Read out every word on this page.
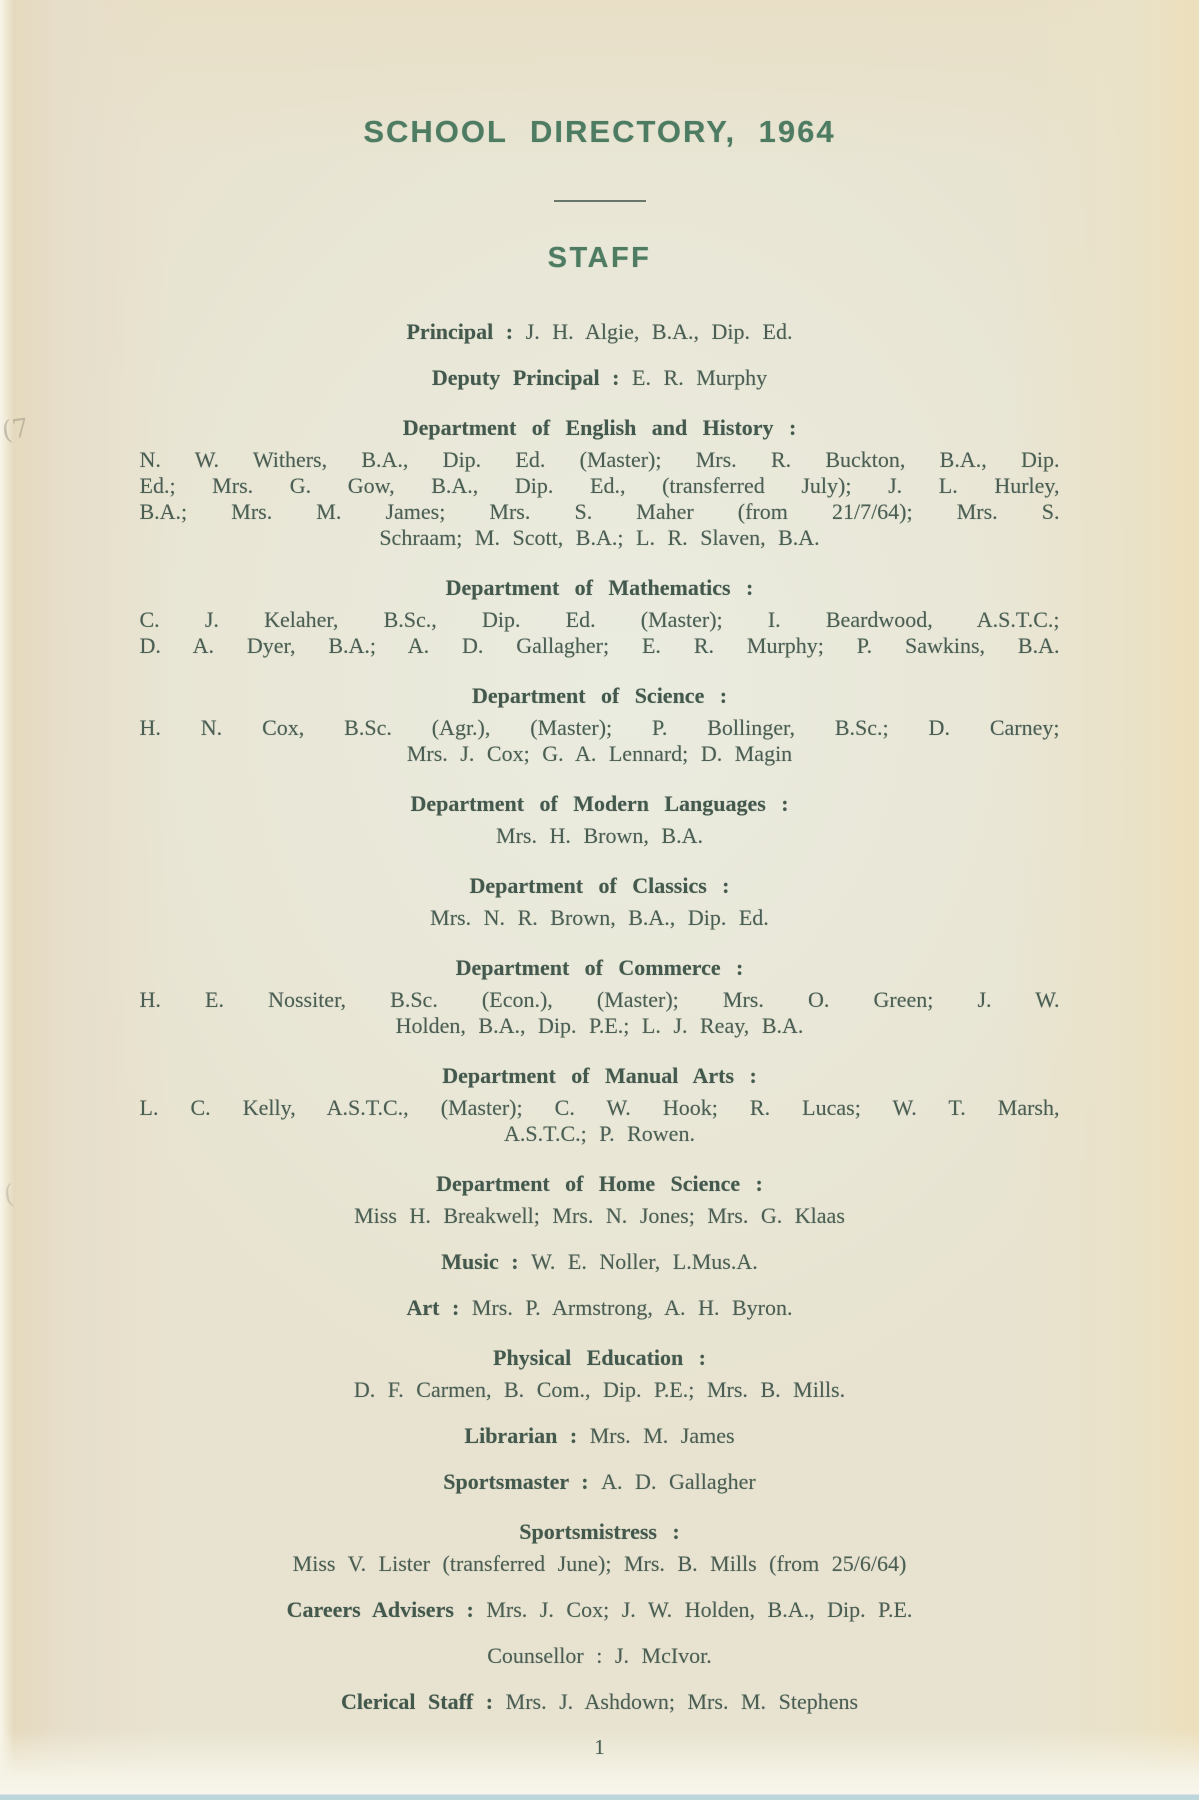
(7
(
SCHOOL DIRECTORY, 1964
STAFF

Principal : J. H. Algie, B.A., Dip. Ed.

Deputy Principal : E. R. Murphy

Department of English and History :
N. W. Withers, B.A., Dip. Ed. (Master); Mrs. R. Buckton, B.A., Dip.
Ed.; Mrs. G. Gow, B.A., Dip. Ed., (transferred July); J. L. Hurley,
B.A.; Mrs. M. James; Mrs. S. Maher (from 21/7/64); Mrs. S.
Schraam; M. Scott, B.A.; L. R. Slaven, B.A.
Department of Mathematics :
C. J. Kelaher, B.Sc., Dip. Ed. (Master); I. Beardwood, A.S.T.C.;
D. A. Dyer, B.A.; A. D. Gallagher; E. R. Murphy; P. Sawkins, B.A.
Department of Science :
H. N. Cox, B.Sc. (Agr.), (Master); P. Bollinger, B.Sc.; D. Carney;
Mrs. J. Cox; G. A. Lennard; D. Magin
Department of Modern Languages :
Mrs. H. Brown, B.A.
Department of Classics :
Mrs. N. R. Brown, B.A., Dip. Ed.
Department of Commerce :
H. E. Nossiter, B.Sc. (Econ.), (Master); Mrs. O. Green; J. W.
Holden, B.A., Dip. P.E.; L. J. Reay, B.A.
Department of Manual Arts :
L. C. Kelly, A.S.T.C., (Master); C. W. Hook; R. Lucas; W. T. Marsh,
A.S.T.C.; P. Rowen.
Department of Home Science :
Miss H. Breakwell; Mrs. N. Jones; Mrs. G. Klaas

Music : W. E. Noller, L.Mus.A.

Art : Mrs. P. Armstrong, A. H. Byron.

Physical Education :
D. F. Carmen, B. Com., Dip. P.E.; Mrs. B. Mills.

Librarian : Mrs. M. James

Sportsmaster : A. D. Gallagher

Sportsmistress :
Miss V. Lister (transferred June); Mrs. B. Mills (from 25/6/64)

Careers Advisers : Mrs. J. Cox; J. W. Holden, B.A., Dip. P.E.

Counsellor : J. McIvor.

Clerical Staff : Mrs. J. Ashdown; Mrs. M. Stephens

1
